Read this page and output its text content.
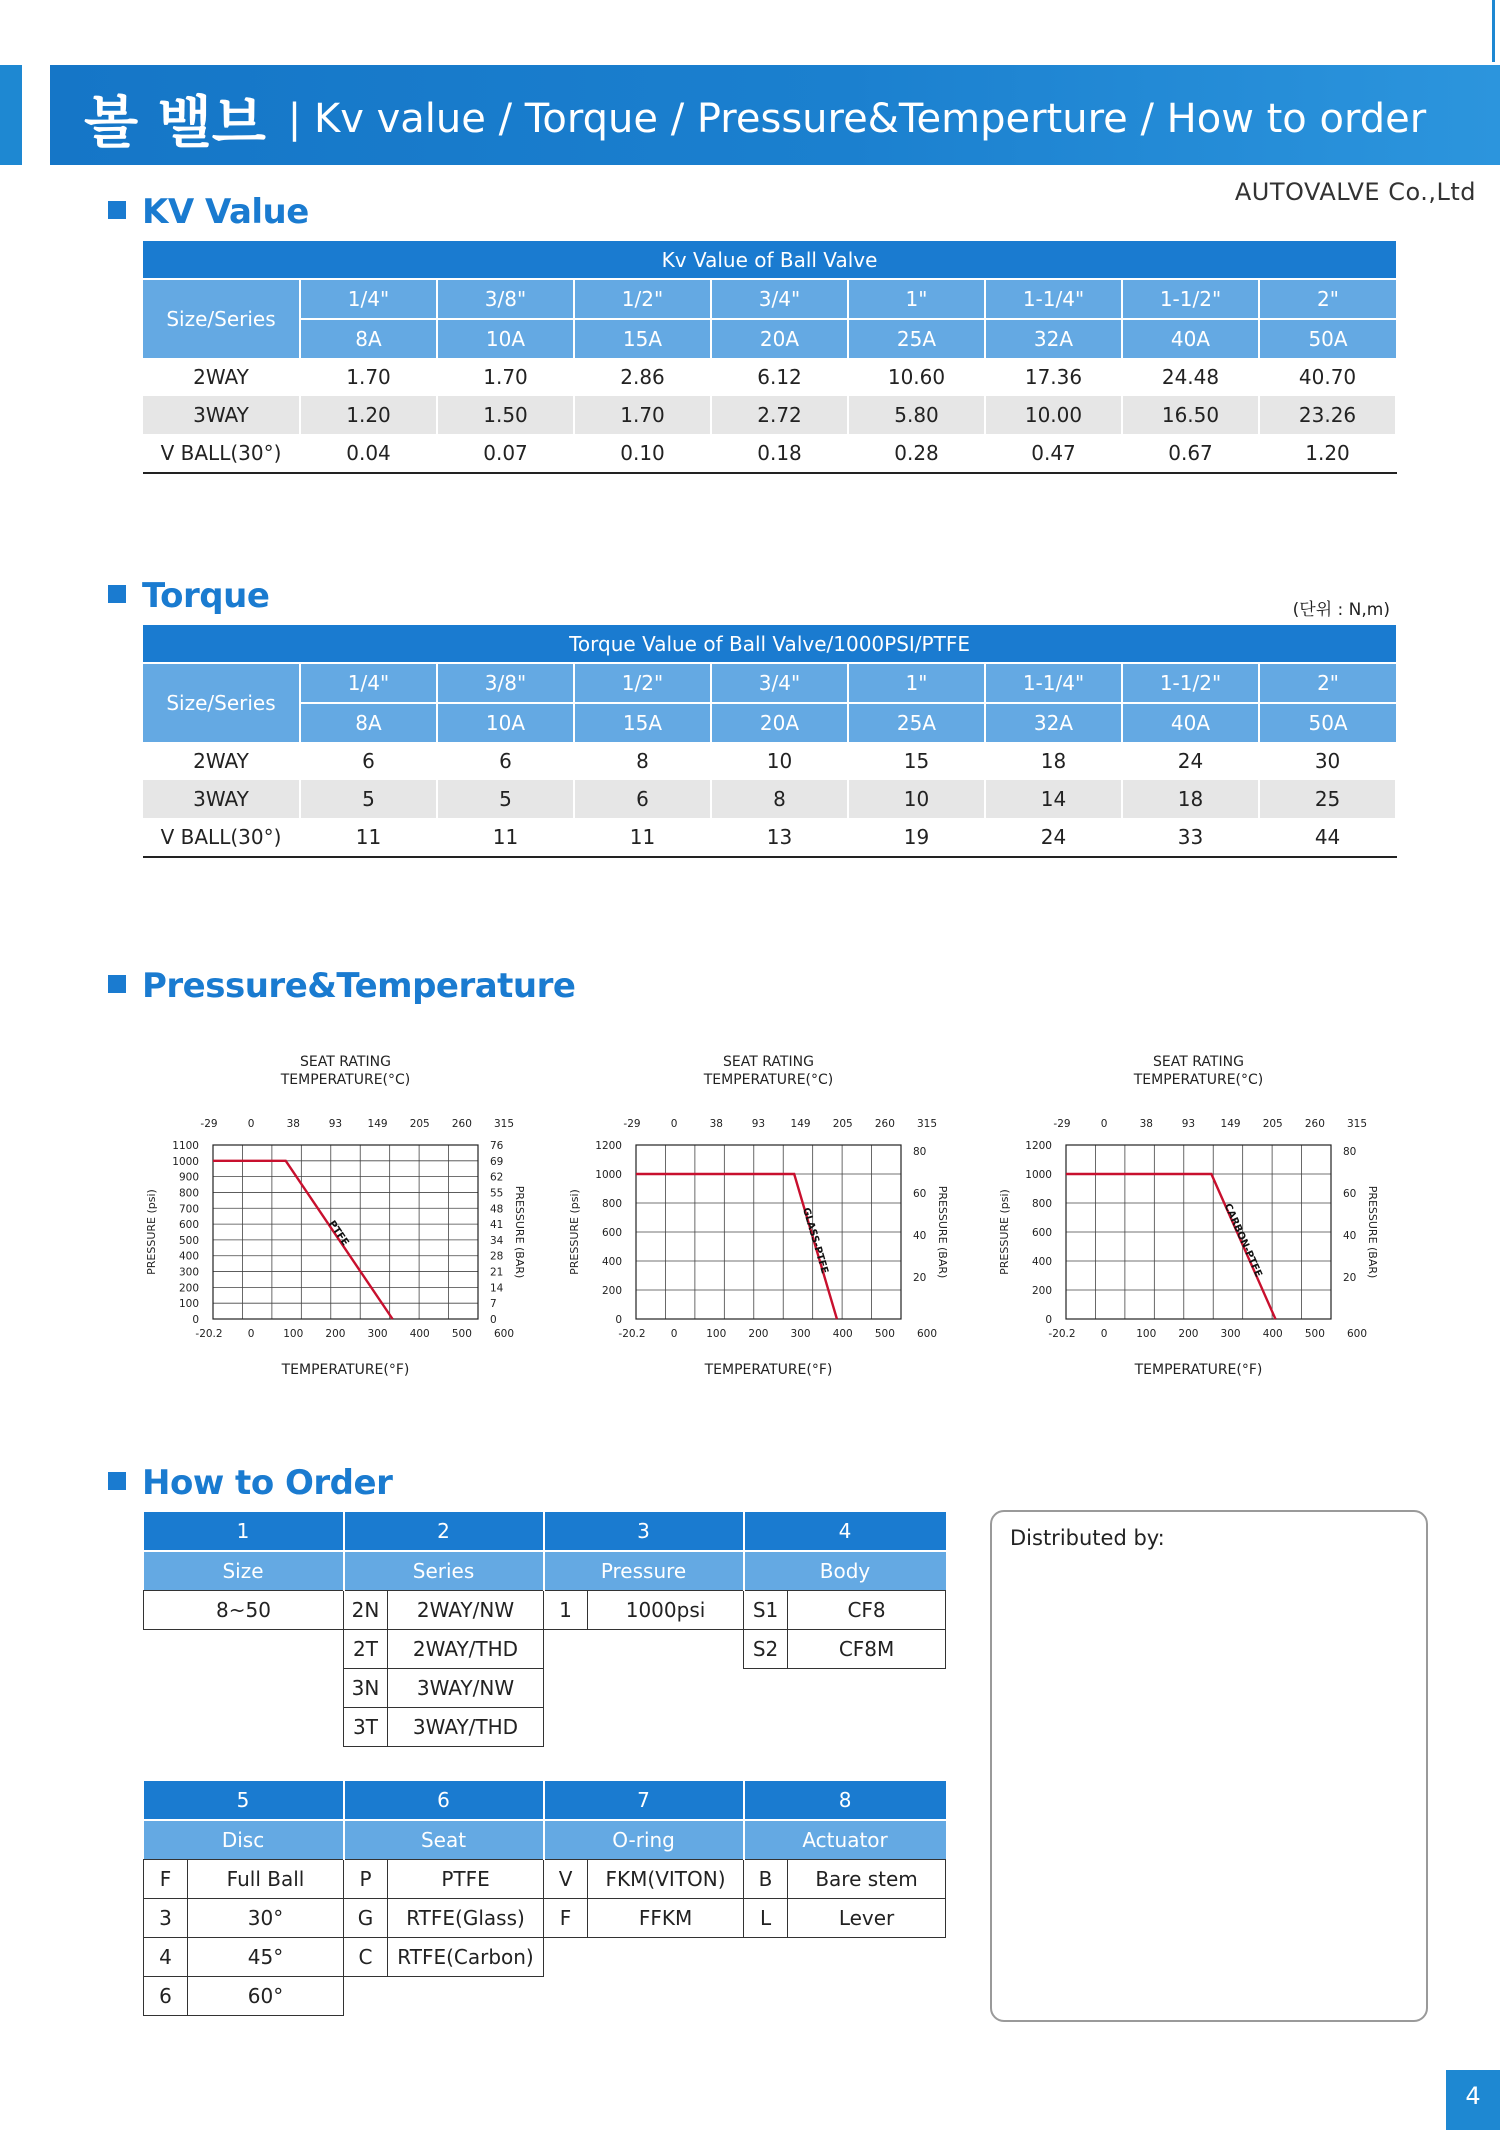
볼 밸브 | Kv value / Torque / Pressure&Temperture / How to order
AUTOVALVE Co.,Ltd
KV Value
Kv Value of Ball Valve								
Size/Series	1/4"	3/8"	1/2"	3/4"	1"	1-1/4"	1-1/2"	2"
	8A	10A	15A	20A	25A	32A	40A	50A
2WAY	1.70	1.70	2.86	6.12	10.60	17.36	24.48	40.70
3WAY	1.20	1.50	1.70	2.72	5.80	10.00	16.50	23.26
V BALL(30°)	0.04	0.07	0.10	0.18	0.28	0.47	0.67	1.20
Torque	(단위 : N,m)
Torque Value of Ball Valve/1000PSI/PTFE								
Size/Series	1/4"	3/8"	1/2"	3/4"	1"	1-1/4"	1-1/2"	2"
	8A	10A	15A	20A	25A	32A	40A	50A
2WAY	6	6	8	10	15	18	24	30
3WAY	5	5	6	8	10	14	18	25
V BALL(30°)	11	11	11	13	19	24	33	44
Pressure&Temperature
SEAT RATING
TEMPERATURE(°C)
TEMPERATURE(°F)
PRESSURE (psi)	PRESSURE (BAR)
0
100
200
300
400
500
600
700
800
900
1000
1100
0
7
14
21
28
34
41
48
55
62
69
76
-29	0	38	93 149 205 260 315
-20.2 0	100 200 300 400 500 600
PTFE
SEAT RATING
TEMPERATURE(°C)
TEMPERATURE(°F)
PRESSURE (psi)	PRESSURE (BAR)
0
200
400
600
800
1000
1200
20
40
60
80
-29	0	38	93 149 205 260 315
-20.2 0	100 200 300 400 500 600
GLASS-PTFE
SEAT RATING
TEMPERATURE(°C)
TEMPERATURE(°F)
PRESSURE (psi)	PRESSURE (BAR)
0
200
400
600
800
1000
1200
20
40
60
80
-29	0	38	93 149 205 260 315
-20.2 0	100 200 300 400 500 600
CARBON-PTFE
How to Order
1	2		3		4	
Size	Series		Pressure		Body	
8~50	2N	2WAY/NW	1	1000psi	S1	CF8
	2T	2WAY/THD			S2	CF8M
	3N	3WAY/NW				
	3T	3WAY/THD				
5		6		7		8	
Disc		Seat		O-ring		Actuator	
F	Full Ball	P	PTFE	V	FKM(VITON)	B	Bare stem
3	30°	G	RTFE(Glass)	F	FFKM	L	Lever
4	45°	C	RTFE(Carbon)				
6	60°						
Distributed by:
4
